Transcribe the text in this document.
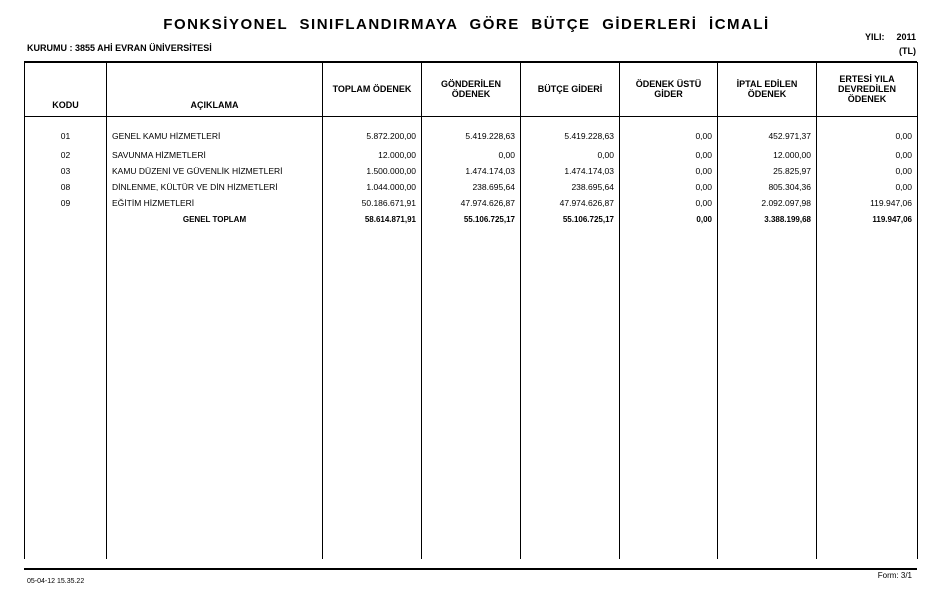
FONKSİYONEL SINIFLANDIRMAYA GÖRE BÜTÇE GİDERLERİ İCMALİ
KURUMU : 3855 AHİ EVRAN ÜNİVERSİTESİ
YILI: 2011
(TL)
KODU	AÇIKLAMA	TOPLAM ÖDENEK	GÖNDERİLEN ÖDENEK	BÜTÇE GİDERİ	ÖDENEK ÜSTÜ GİDER	İPTAL EDİLEN ÖDENEK	ERTESİ YILA DEVREDİLEN ÖDENEK
01	GENEL KAMU HİZMETLERİ	5.872.200,00	5.419.228,63	5.419.228,63	0,00	452.971,37	0,00
02	SAVUNMA HİZMETLERİ	12.000,00	0,00	0,00	0,00	12.000,00	0,00
03	KAMU DÜZENİ VE GÜVENLİK HİZMETLERİ	1.500.000,00	1.474.174,03	1.474.174,03	0,00	25.825,97	0,00
08	DİNLENME, KÜLTÜR VE DİN HİZMETLERİ	1.044.000,00	238.695,64	238.695,64	0,00	805.304,36	0,00
09	EĞİTİM HİZMETLERİ	50.186.671,91	47.974.626,87	47.974.626,87	0,00	2.092.097,98	119.947,06
	GENEL TOPLAM	58.614.871,91	55.106.725,17	55.106.725,17	0,00	3.388.199,68	119.947,06

05-04-12 15.35.22
Form: 3/1
